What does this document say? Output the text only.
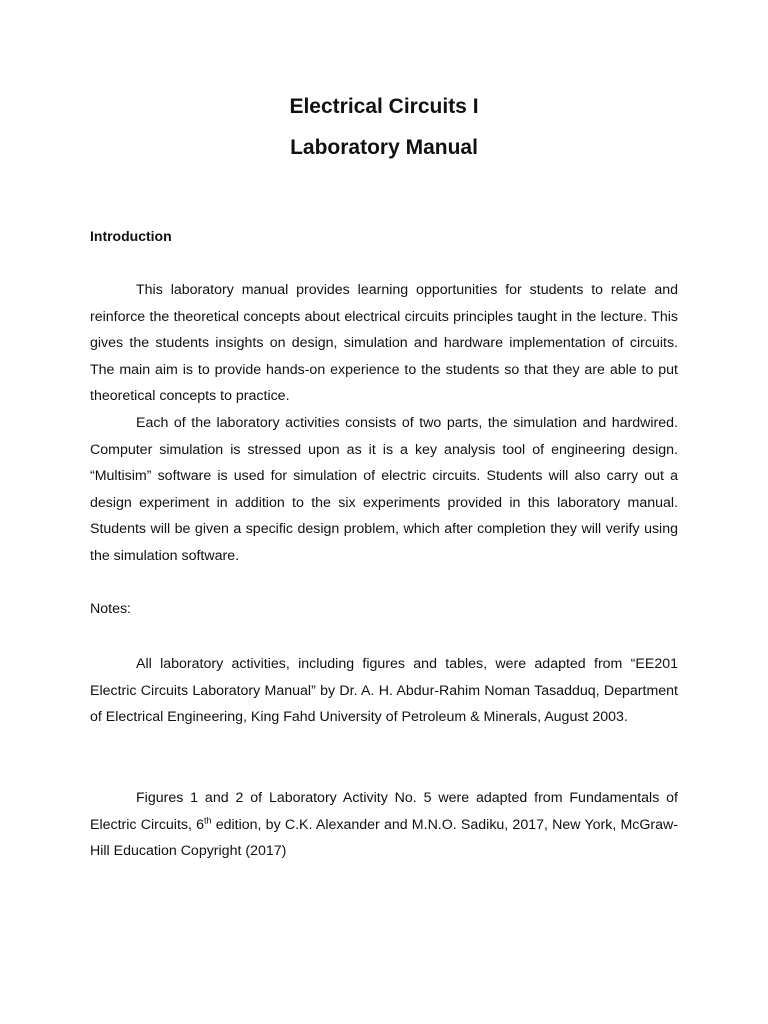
Electrical Circuits I
Laboratory Manual

Introduction

This laboratory manual provides learning opportunities for students to relate and reinforce the theoretical concepts about electrical circuits principles taught in the lecture. This gives the students insights on design, simulation and hardware implementation of circuits. The main aim is to provide hands-on experience to the students so that they are able to put theoretical concepts to practice.

Each of the laboratory activities consists of two parts, the simulation and hardwired. Computer simulation is stressed upon as it is a key analysis tool of engineering design. “Multisim” software is used for simulation of electric circuits. Students will also carry out a design experiment in addition to the six experiments provided in this laboratory manual. Students will be given a specific design problem, which after completion they will verify using the simulation software.

Notes:

All laboratory activities, including figures and tables, were adapted from “EE201 Electric Circuits Laboratory Manual” by Dr. A. H. Abdur-Rahim Noman Tasadduq, Department of Electrical Engineering, King Fahd University of Petroleum & Minerals, August 2003.

Figures 1 and 2 of Laboratory Activity No. 5 were adapted from Fundamentals of Electric Circuits, 6th edition, by C.K. Alexander and M.N.O. Sadiku, 2017, New York, McGraw-Hill Education Copyright (2017)
